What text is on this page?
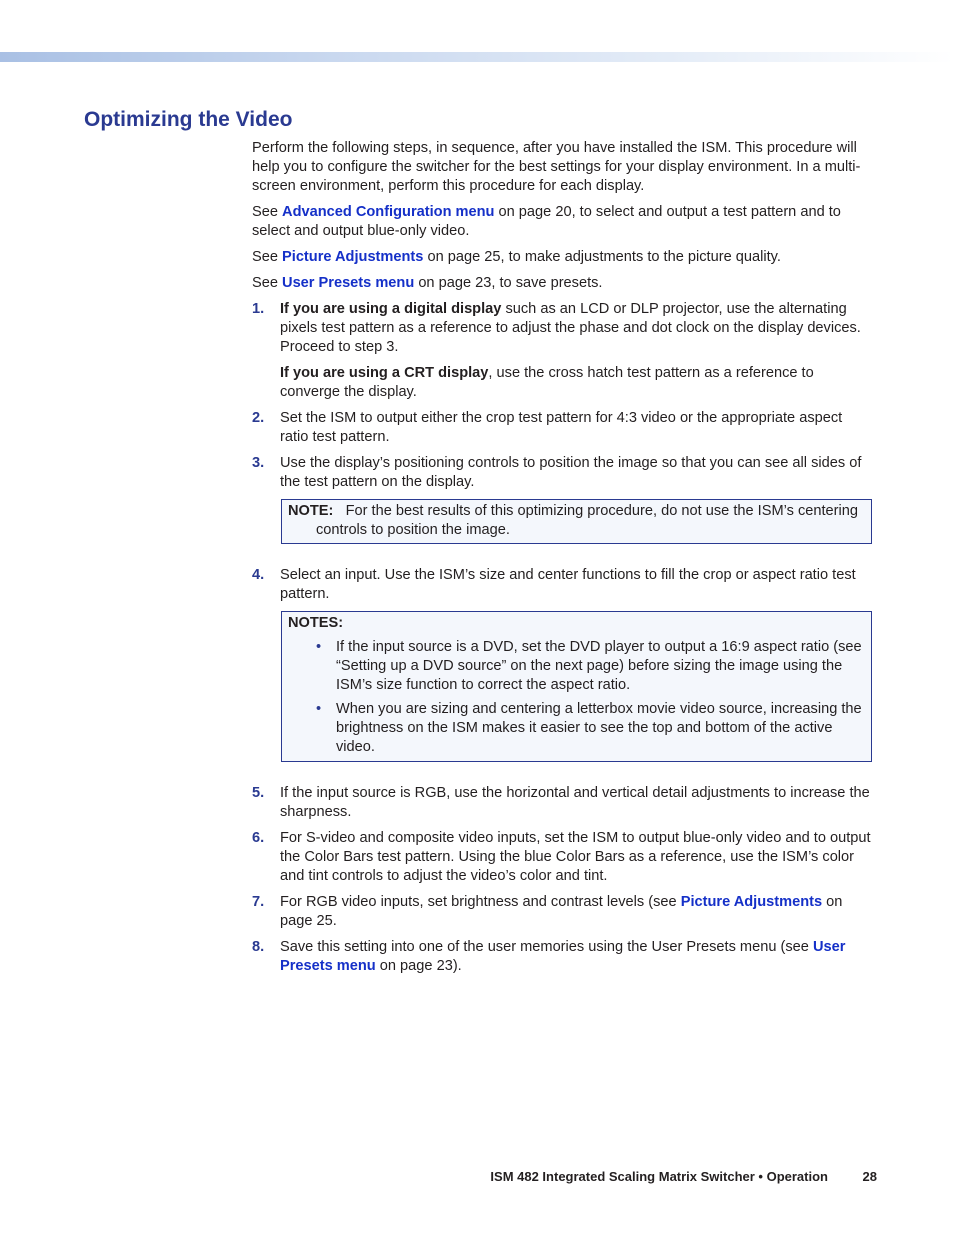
Optimizing the Video

Perform the following steps, in sequence, after you have installed the ISM. This procedure will help you to configure the switcher for the best settings for your display environment. In a multi-screen environment, perform this procedure for each display.

See Advanced Configuration menu on page 20, to select and output a test pattern and to select and output blue-only video.

See Picture Adjustments on page 25, to make adjustments to the picture quality.

See User Presets menu on page 23, to save presets.

1. If you are using a digital display such as an LCD or DLP projector, use the alternating pixels test pattern as a reference to adjust the phase and dot clock on the display devices. Proceed to step 3.

If you are using a CRT display, use the cross hatch test pattern as a reference to converge the display.

2. Set the ISM to output either the crop test pattern for 4:3 video or the appropriate aspect ratio test pattern.

3. Use the display’s positioning controls to position the image so that you can see all sides of the test pattern on the display.

NOTE: For the best results of this optimizing procedure, do not use the ISM’s centering controls to position the image.
4. Select an input. Use the ISM’s size and center functions to fill the crop or aspect ratio test pattern.

NOTES:
• If the input source is a DVD, set the DVD player to output a 16:9 aspect ratio (see “Setting up a DVD source” on the next page) before sizing the image using the ISM’s size function to correct the aspect ratio.
• When you are sizing and centering a letterbox movie video source, increasing the brightness on the ISM makes it easier to see the top and bottom of the active video.
5. If the input source is RGB, use the horizontal and vertical detail adjustments to increase the sharpness.

6. For S-video and composite video inputs, set the ISM to output blue-only video and to output the Color Bars test pattern. Using the blue Color Bars as a reference, use the ISM’s color and tint controls to adjust the video’s color and tint.

7. For RGB video inputs, set brightness and contrast levels (see Picture Adjustments on page 25.

8. Save this setting into one of the user memories using the User Presets menu (see User Presets menu on page 23).

ISM 482 Integrated Scaling Matrix Switcher • Operation	28
